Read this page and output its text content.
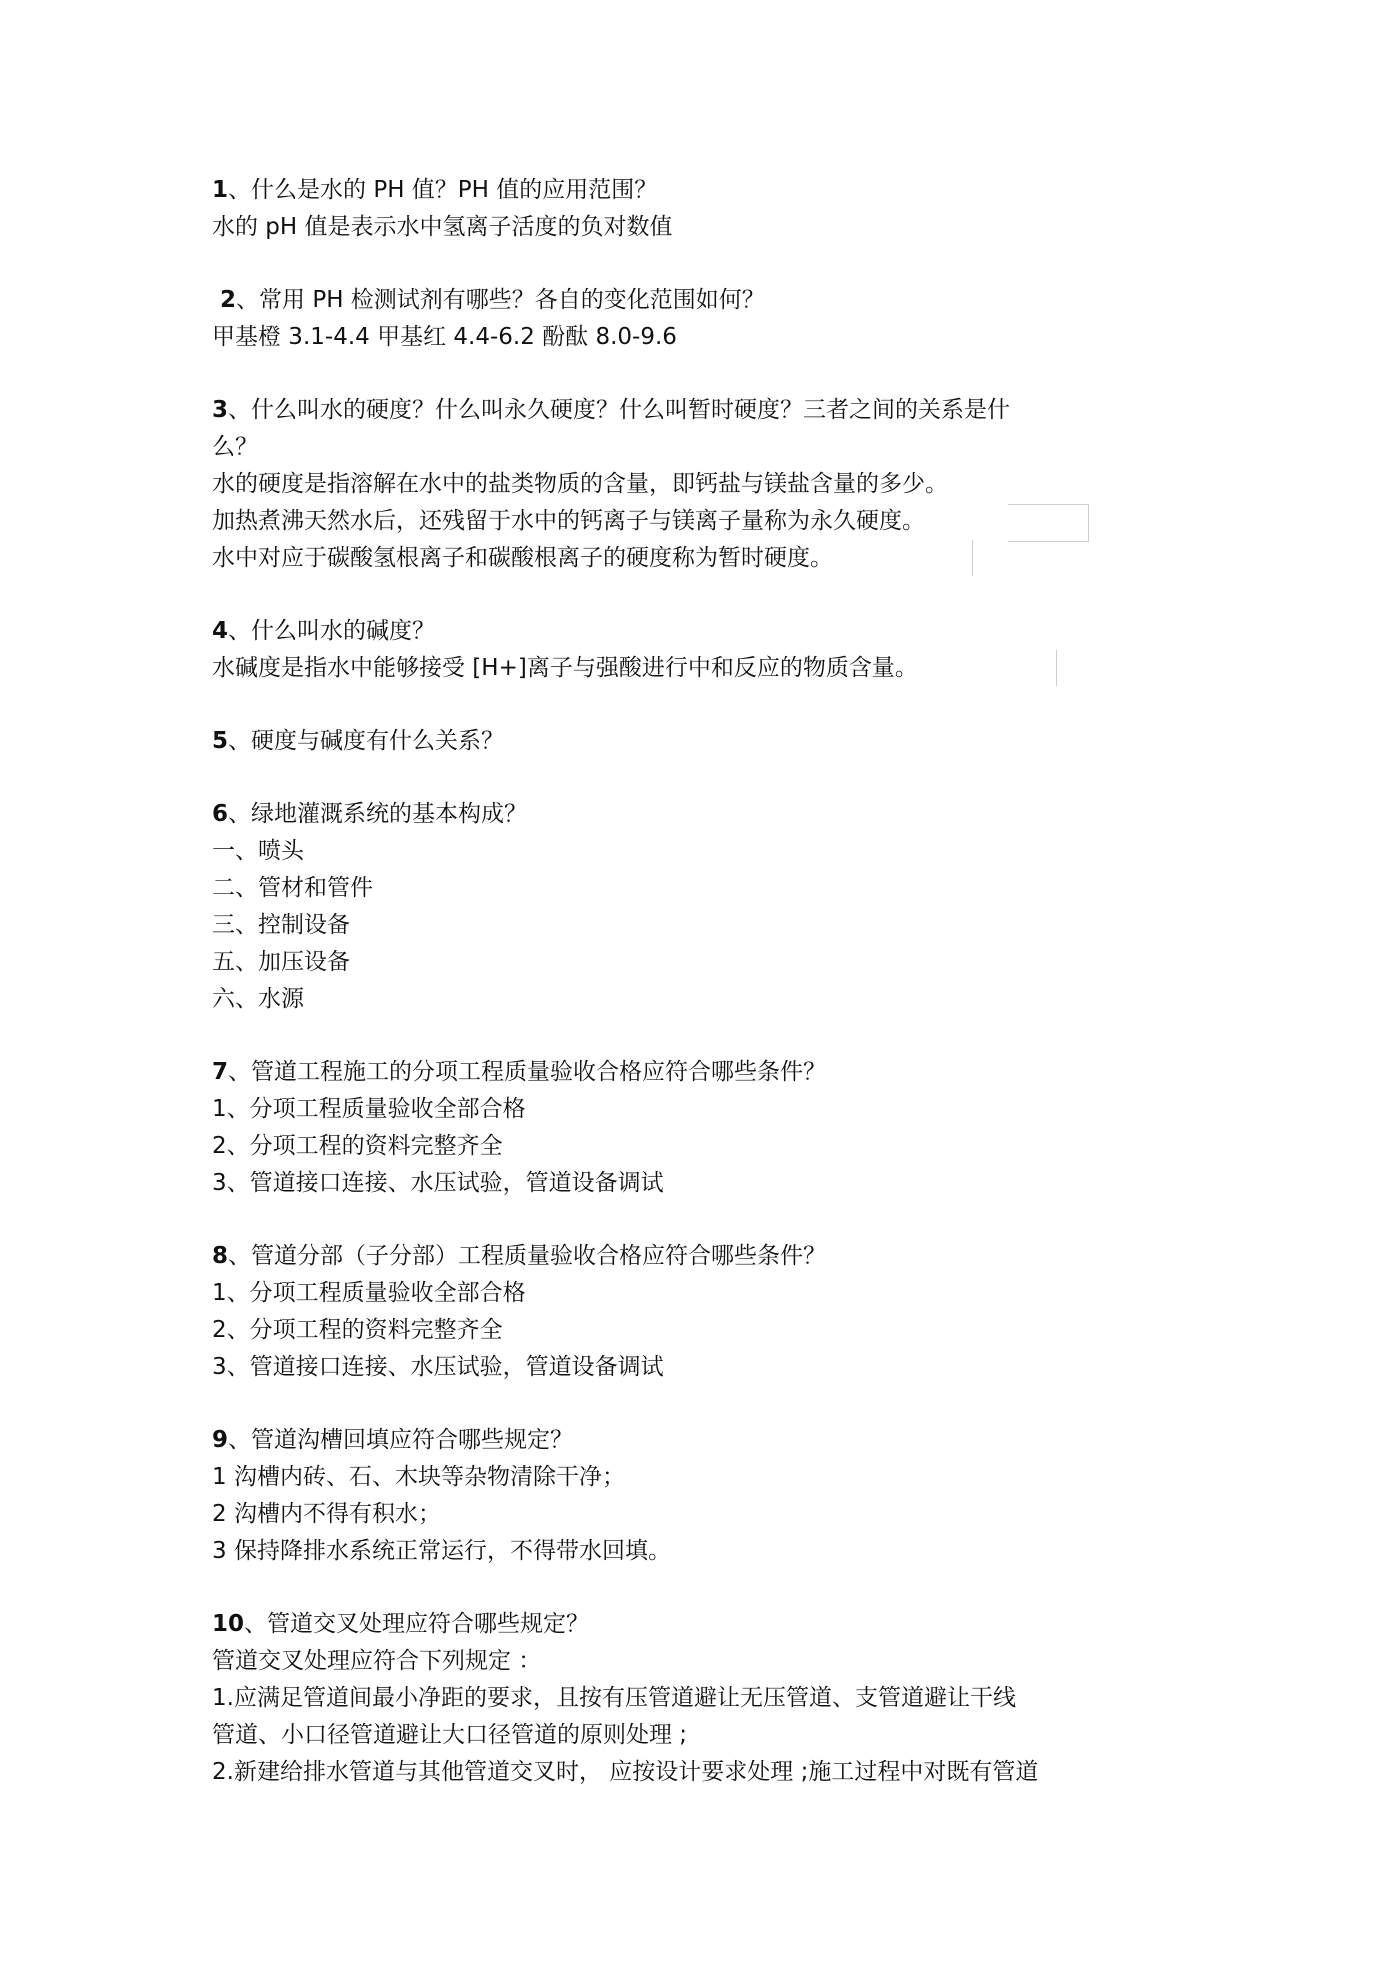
1、什么是水的 PH 值？PH 值的应用范围？

水的 pH 值是表示水中氢离子活度的负对数值

2、常用 PH 检测试剂有哪些？各自的变化范围如何？

甲基橙 3.1-4.4 甲基红 4.4-6.2 酚酞 8.0-9.6

3、什么叫水的硬度？什么叫永久硬度？什么叫暂时硬度？三者之间的关系是什

么？

水的硬度是指溶解在水中的盐类物质的含量，即钙盐与镁盐含量的多少。

加热煮沸天然水后，还残留于水中的钙离子与镁离子量称为永久硬度。

水中对应于碳酸氢根离子和碳酸根离子的硬度称为暂时硬度。

4、什么叫水的碱度？

水碱度是指水中能够接受 [H+]离子与强酸进行中和反应的物质含量。

5、硬度与碱度有什么关系？

6、绿地灌溉系统的基本构成？

一、喷头

二、管材和管件

三、控制设备

五、加压设备

六、水源

7、管道工程施工的分项工程质量验收合格应符合哪些条件？

1、分项工程质量验收全部合格

2、分项工程的资料完整齐全

3、管道接口连接、水压试验，管道设备调试

8、管道分部（子分部）工程质量验收合格应符合哪些条件？

1、分项工程质量验收全部合格

2、分项工程的资料完整齐全

3、管道接口连接、水压试验，管道设备调试

9、管道沟槽回填应符合哪些规定？

1 沟槽内砖、石、木块等杂物清除干净；

2 沟槽内不得有积水；

3 保持降排水系统正常运行，不得带水回填。

10、管道交叉处理应符合哪些规定？

管道交叉处理应符合下列规定 ：

1.应满足管道间最小净距的要求，且按有压管道避让无压管道、支管道避让干线

管道、小口径管道避让大口径管道的原则处理 ;

2.新建给排水管道与其他管道交叉时， 应按设计要求处理 ;施工过程中对既有管道
